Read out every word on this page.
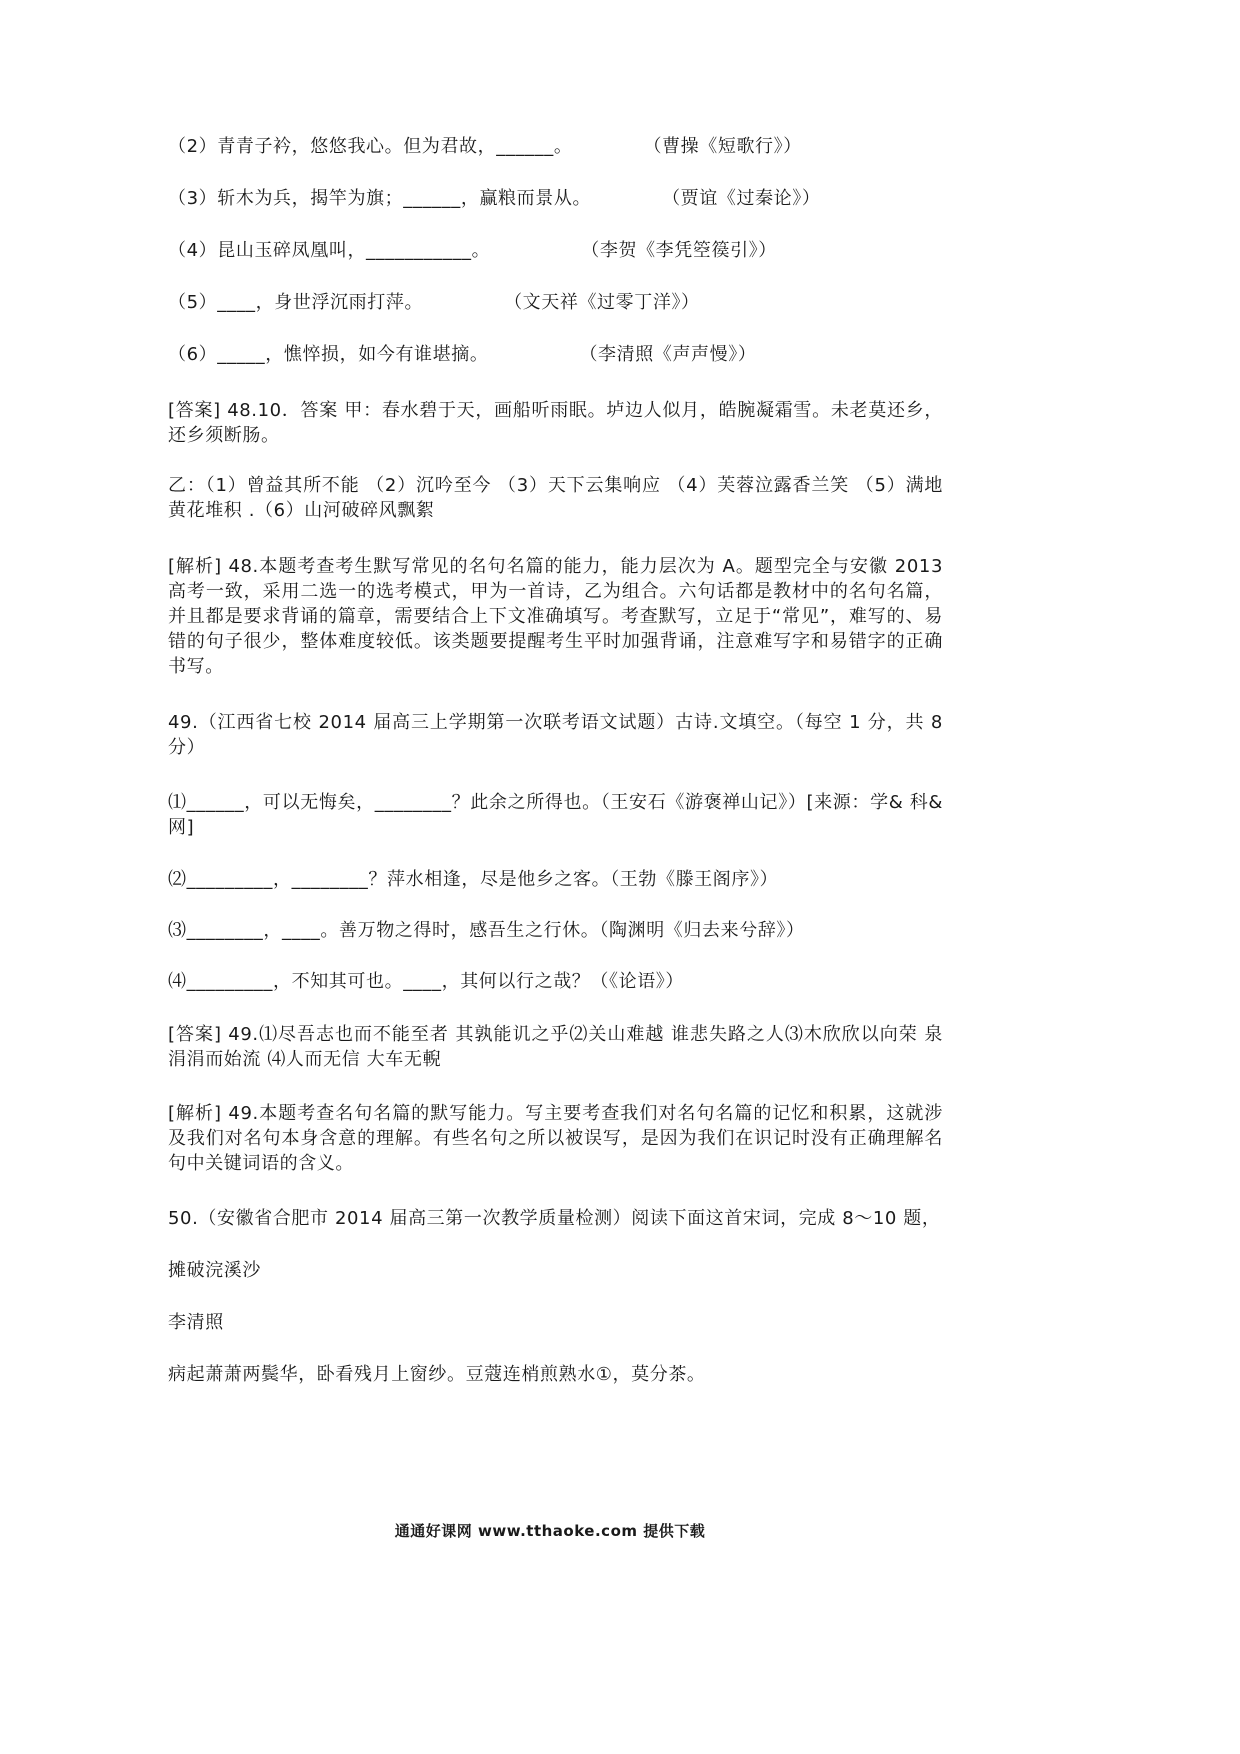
（2）青青子衿，悠悠我心。但为君故，______。	（曹操《短歌行》）
（3）斩木为兵，揭竿为旗；______，赢粮而景从。	（贾谊《过秦论》）
（4）昆山玉碎凤凰叫，___________。	（李贺《李凭箜篌引》）
（5）____，身世浮沉雨打萍。	（文天祥《过零丁洋》）
（6）_____，憔悴损，如今有谁堪摘。	（李清照《声声慢》）
[答案] 48.10．答案 甲：春水碧于天，画船听雨眠。垆边人似月，皓腕凝霜雪。未老莫还乡，还乡须断肠。
乙：（1）曾益其所不能 （2）沉吟至今 （3）天下云集响应 （4）芙蓉泣露香兰笑 （5）满地黄花堆积 .（6）山河破碎风飘絮
[解析] 48.本题考查考生默写常见的名句名篇的能力，能力层次为 A。题型完全与安徽 2013 高考一致，采用二选一的选考模式，甲为一首诗，乙为组合。六句话都是教材中的名句名篇，并且都是要求背诵的篇章，需要结合上下文准确填写。考查默写，立足于“常见”，难写的、易错的句子很少，整体难度较低。该类题要提醒考生平时加强背诵，注意难写字和易错字的正确书写。
49.（江西省七校 2014 届高三上学期第一次联考语文试题）古诗.文填空。（每空 1 分，共 8 分）
⑴______，可以无悔矣，________？此余之所得也。（王安石《游褒禅山记》）[来源：学& 科& 网]
⑵_________，________？萍水相逢，尽是他乡之客。（王勃《滕王阁序》）
⑶________，____。善万物之得时，感吾生之行休。（陶渊明《归去来兮辞》）
⑷_________，不知其可也。____，其何以行之哉？（《论语》）
[答案] 49.⑴尽吾志也而不能至者 其孰能讥之乎⑵关山难越 谁悲失路之人⑶木欣欣以向荣 泉涓涓而始流 ⑷人而无信 大车无輗
[解析] 49.本题考查名句名篇的默写能力。写主要考查我们对名句名篇的记忆和积累，这就涉及我们对名句本身含意的理解。有些名句之所以被误写，是因为我们在识记时没有正确理解名句中关键词语的含义。
50.（安徽省合肥市 2014 届高三第一次教学质量检测）阅读下面这首宋词，完成 8～10 题，
摊破浣溪沙
李清照
病起萧萧两鬓华，卧看残月上窗纱。豆蔻连梢煎熟水①，莫分茶。
通通好课网 www.tthaoke.com 提供下载
